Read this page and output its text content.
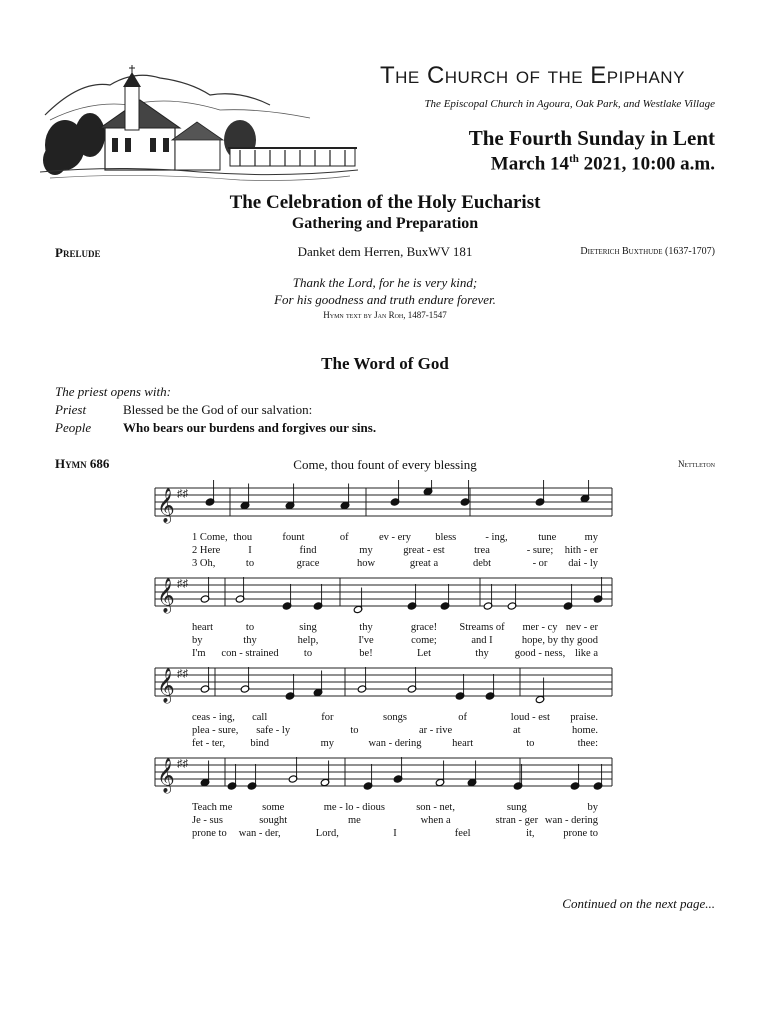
The Church of the Epiphany
The Episcopal Church in Agoura, Oak Park, and Westlake Village
The Fourth Sunday in Lent
March 14th 2021, 10:00 a.m.
The Celebration of the Holy Eucharist
Gathering and Preparation
Prelude	Danket dem Herren, BuxWV 181	Dieterich Buxthude (1637-1707)
Thank the Lord, for he is very kind;
For his goodness and truth endure forever.
Hymn text by Jan Roh, 1487-1547
The Word of God
The priest opens with:
Priest	Blessed be the God of our salvation:
People Who bears our burdens and forgives our sins.
Hymn 686	Come, thou fount of every blessing	Nettleton
𝄞 ♯♯
1 Come, thou	fount	of	ev - ery bless	- ing,	tune	my
2 Here	I	find	my	great - est	trea	- sure; hith - er
3 Oh,	to	grace	how	great a	debt	- or dai - ly
𝄞 ♯♯
heart	to	sing	thy	grace! Streams of mer - cy nev - er
by	thy	help,	I've	come;	and I	hope, by thy good
I'm con - strained to	be!	Let	thy good - ness, like a
𝄞 ♯♯
ceas - ing, call	for	songs	of	loud - est praise.
plea - sure, safe - ly	to	ar - rive	at	home.
fet - ter, bind	my	wan - dering	heart	to	thee:
𝄞 ♯♯
Teach me	some	me - lo - dious	son - net,	sung	by
Je - sus	sought	me	when a	stran - ger wan - dering
prone to wan - der,	Lord,	I	feel	it,	prone to
Continued on the next page...
